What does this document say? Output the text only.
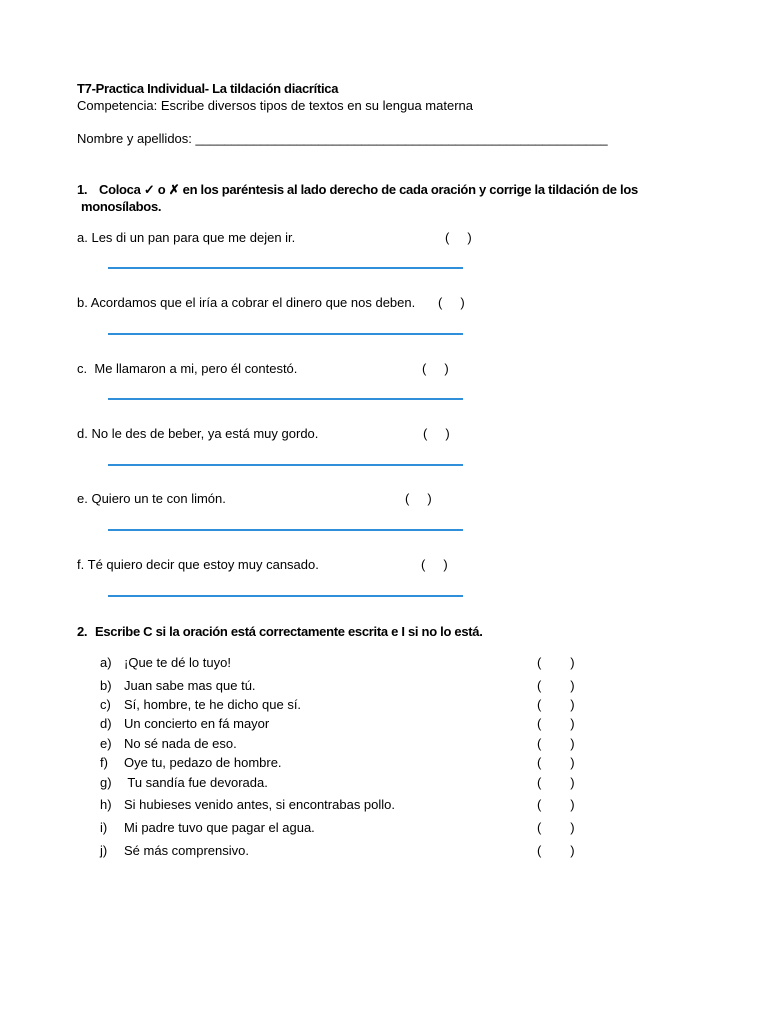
T7-Practica Individual- La tildación diacrítica
Competencia: Escribe diversos tipos de textos en su lengua materna
Nombre y apellidos: _________________________________________________________
1. Coloca ✓ o ✗ en los paréntesis al lado derecho de cada oración y corrige la tildación de los monosílabos.
a. Les di un pan para que me dejen ir.	(     )
b. Acordamos que el iría a cobrar el dinero que nos deben. (     )
c.  Me llamaron a mi, pero él contestó.	(     )
d. No le des de beber, ya está muy gordo.	(     )
e. Quiero un te con limón.	(     )
f. Té quiero decir que estoy muy cansado.	(     )
2. Escribe C si la oración está correctamente escrita e I si no lo está.
a) ¡Que te dé lo tuyo!	(        )
b) Juan sabe mas que tú.	(        )
c) Sí, hombre, te he dicho que sí.	(        )
d) Un concierto en fá mayor	(        )
e) No sé nada de eso.	(        )
f) Oye tu, pedazo de hombre.	(        )
g) Tu sandía fue devorada.	(        )
h) Si hubieses venido antes, si encontrabas pollo.	(        )
i) Mi padre tuvo que pagar el agua.	(        )
j) Sé más comprensivo.	(        )
